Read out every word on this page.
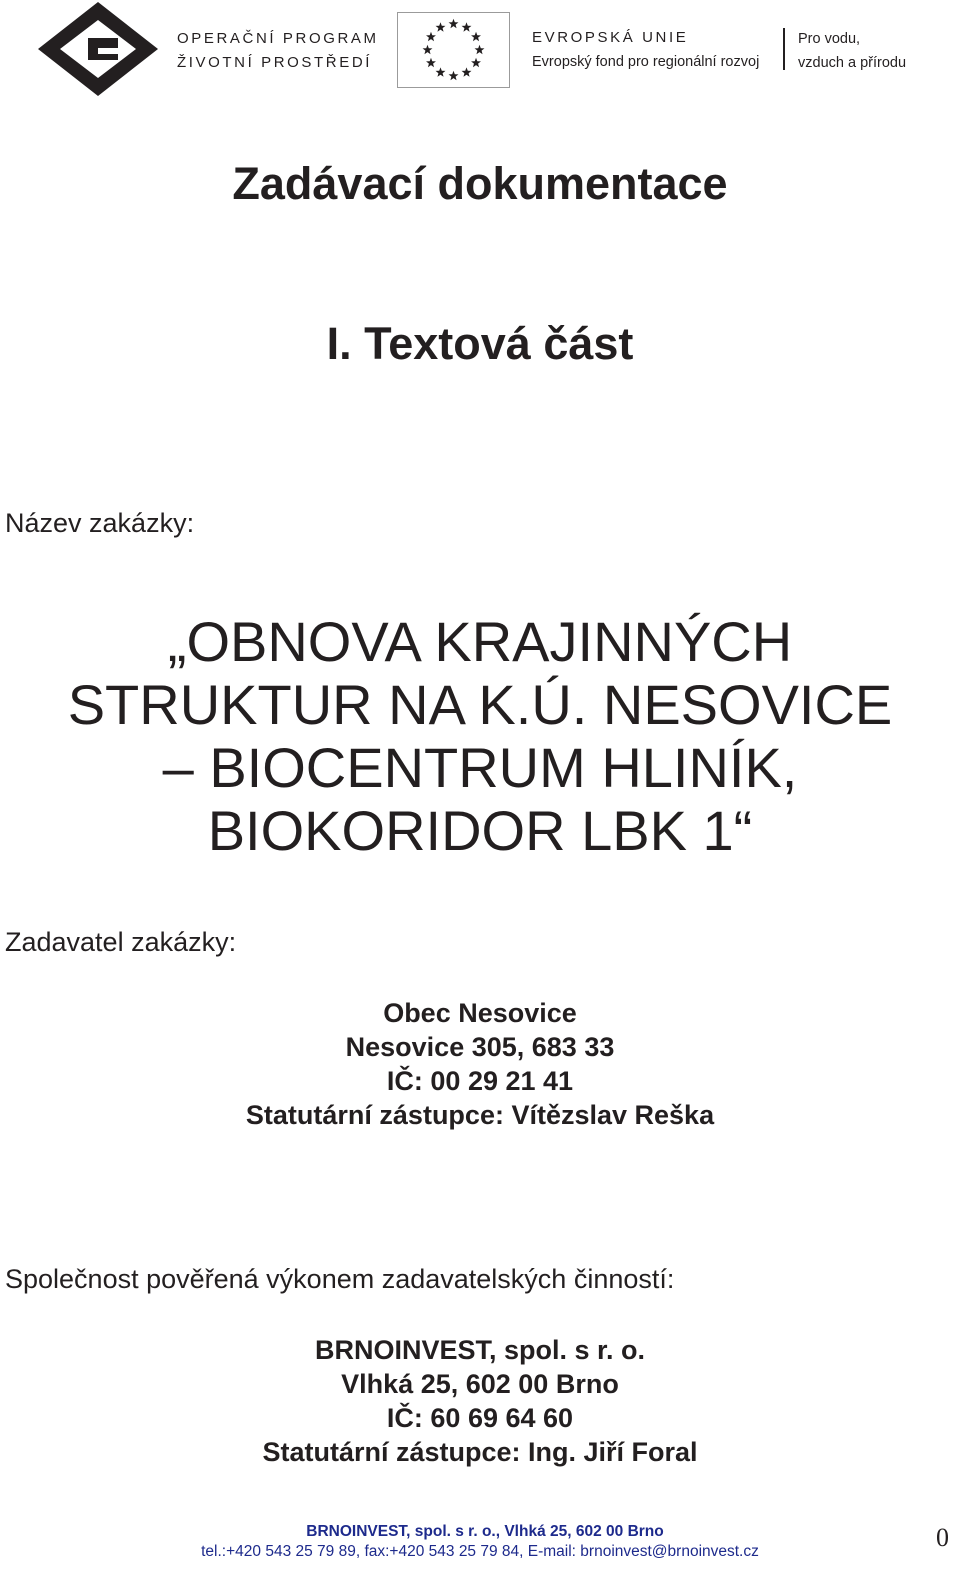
OPERAČNÍ PROGRAM
ŽIVOTNÍ PROSTŘEDÍ
EVROPSKÁ UNIE
Evropský fond pro regionální rozvoj
Pro vodu,
vzduch a přírodu
Zadávací dokumentace
I. Textová část
Název zakázky:
„OBNOVA KRAJINNÝCH
STRUKTUR NA K.Ú. NESOVICE
– BIOCENTRUM HLINÍK,
BIOKORIDOR LBK 1“
Zadavatel zakázky:
Obec Nesovice
Nesovice 305, 683 33
IČ: 00 29 21 41
Statutární zástupce: Vítězslav Reška
Společnost pověřená výkonem zadavatelských činností:
BRNOINVEST, spol. s r. o.
Vlhká 25, 602 00 Brno
IČ: 60 69 64 60
Statutární zástupce: Ing. Jiří Foral
BRNOINVEST, spol. s r. o., Vlhká 25, 602 00 Brno
tel.:+420 543 25 79 89, fax:+420 543 25 79 84, E-mail: brnoinvest@brnoinvest.cz	0
